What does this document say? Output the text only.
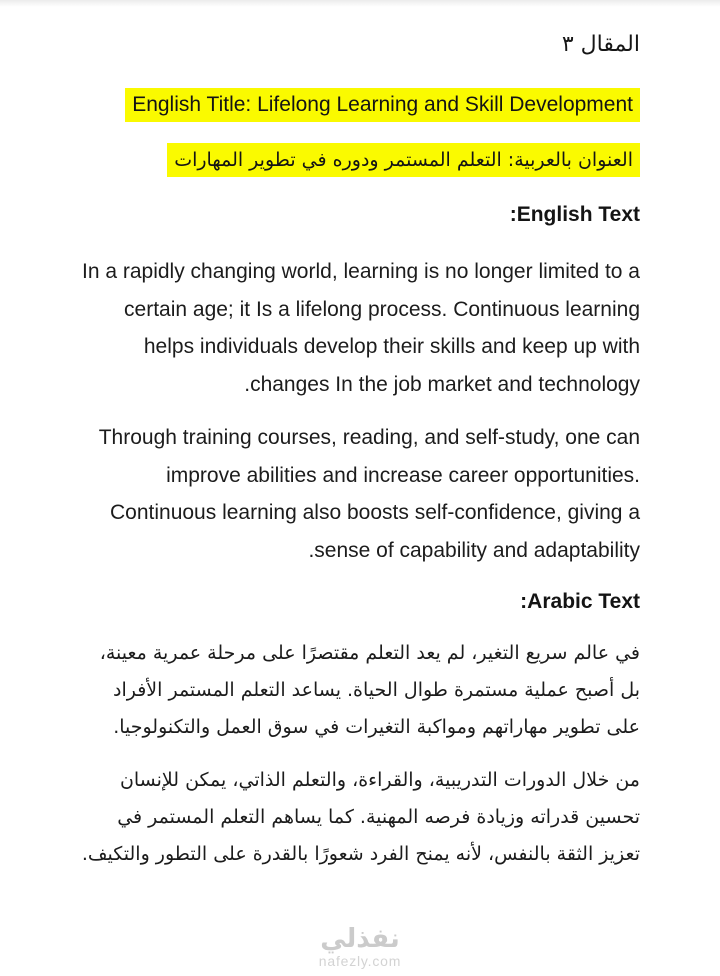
المقال ٣
English Title: Lifelong Learning and Skill Development
العنوان بالعربية: التعلم المستمر ودوره في تطوير المهارات
English Text:

In a rapidly changing world, learning is no longer limited to a certain age; it Is a lifelong process. Continuous learning helps individuals develop their skills and keep up with changes In the job market and technology.

Through training courses, reading, and self-study, one can improve abilities and increase career opportunities. Continuous learning also boosts self-confidence, giving a sense of capability and adaptability.

Arabic Text:

في عالم سريع التغير، لم يعد التعلم مقتصرًا على مرحلة عمرية معينة، بل أصبح عملية مستمرة طوال الحياة. يساعد التعلم المستمر الأفراد على تطوير مهاراتهم ومواكبة التغيرات في سوق العمل والتكنولوجيا.

من خلال الدورات التدريبية، والقراءة، والتعلم الذاتي، يمكن للإنسان تحسين قدراته وزيادة فرصه المهنية. كما يساهم التعلم المستمر في تعزيز الثقة بالنفس، لأنه يمنح الفرد شعورًا بالقدرة على التطور والتكيف.

نفذلي
nafezly.com
